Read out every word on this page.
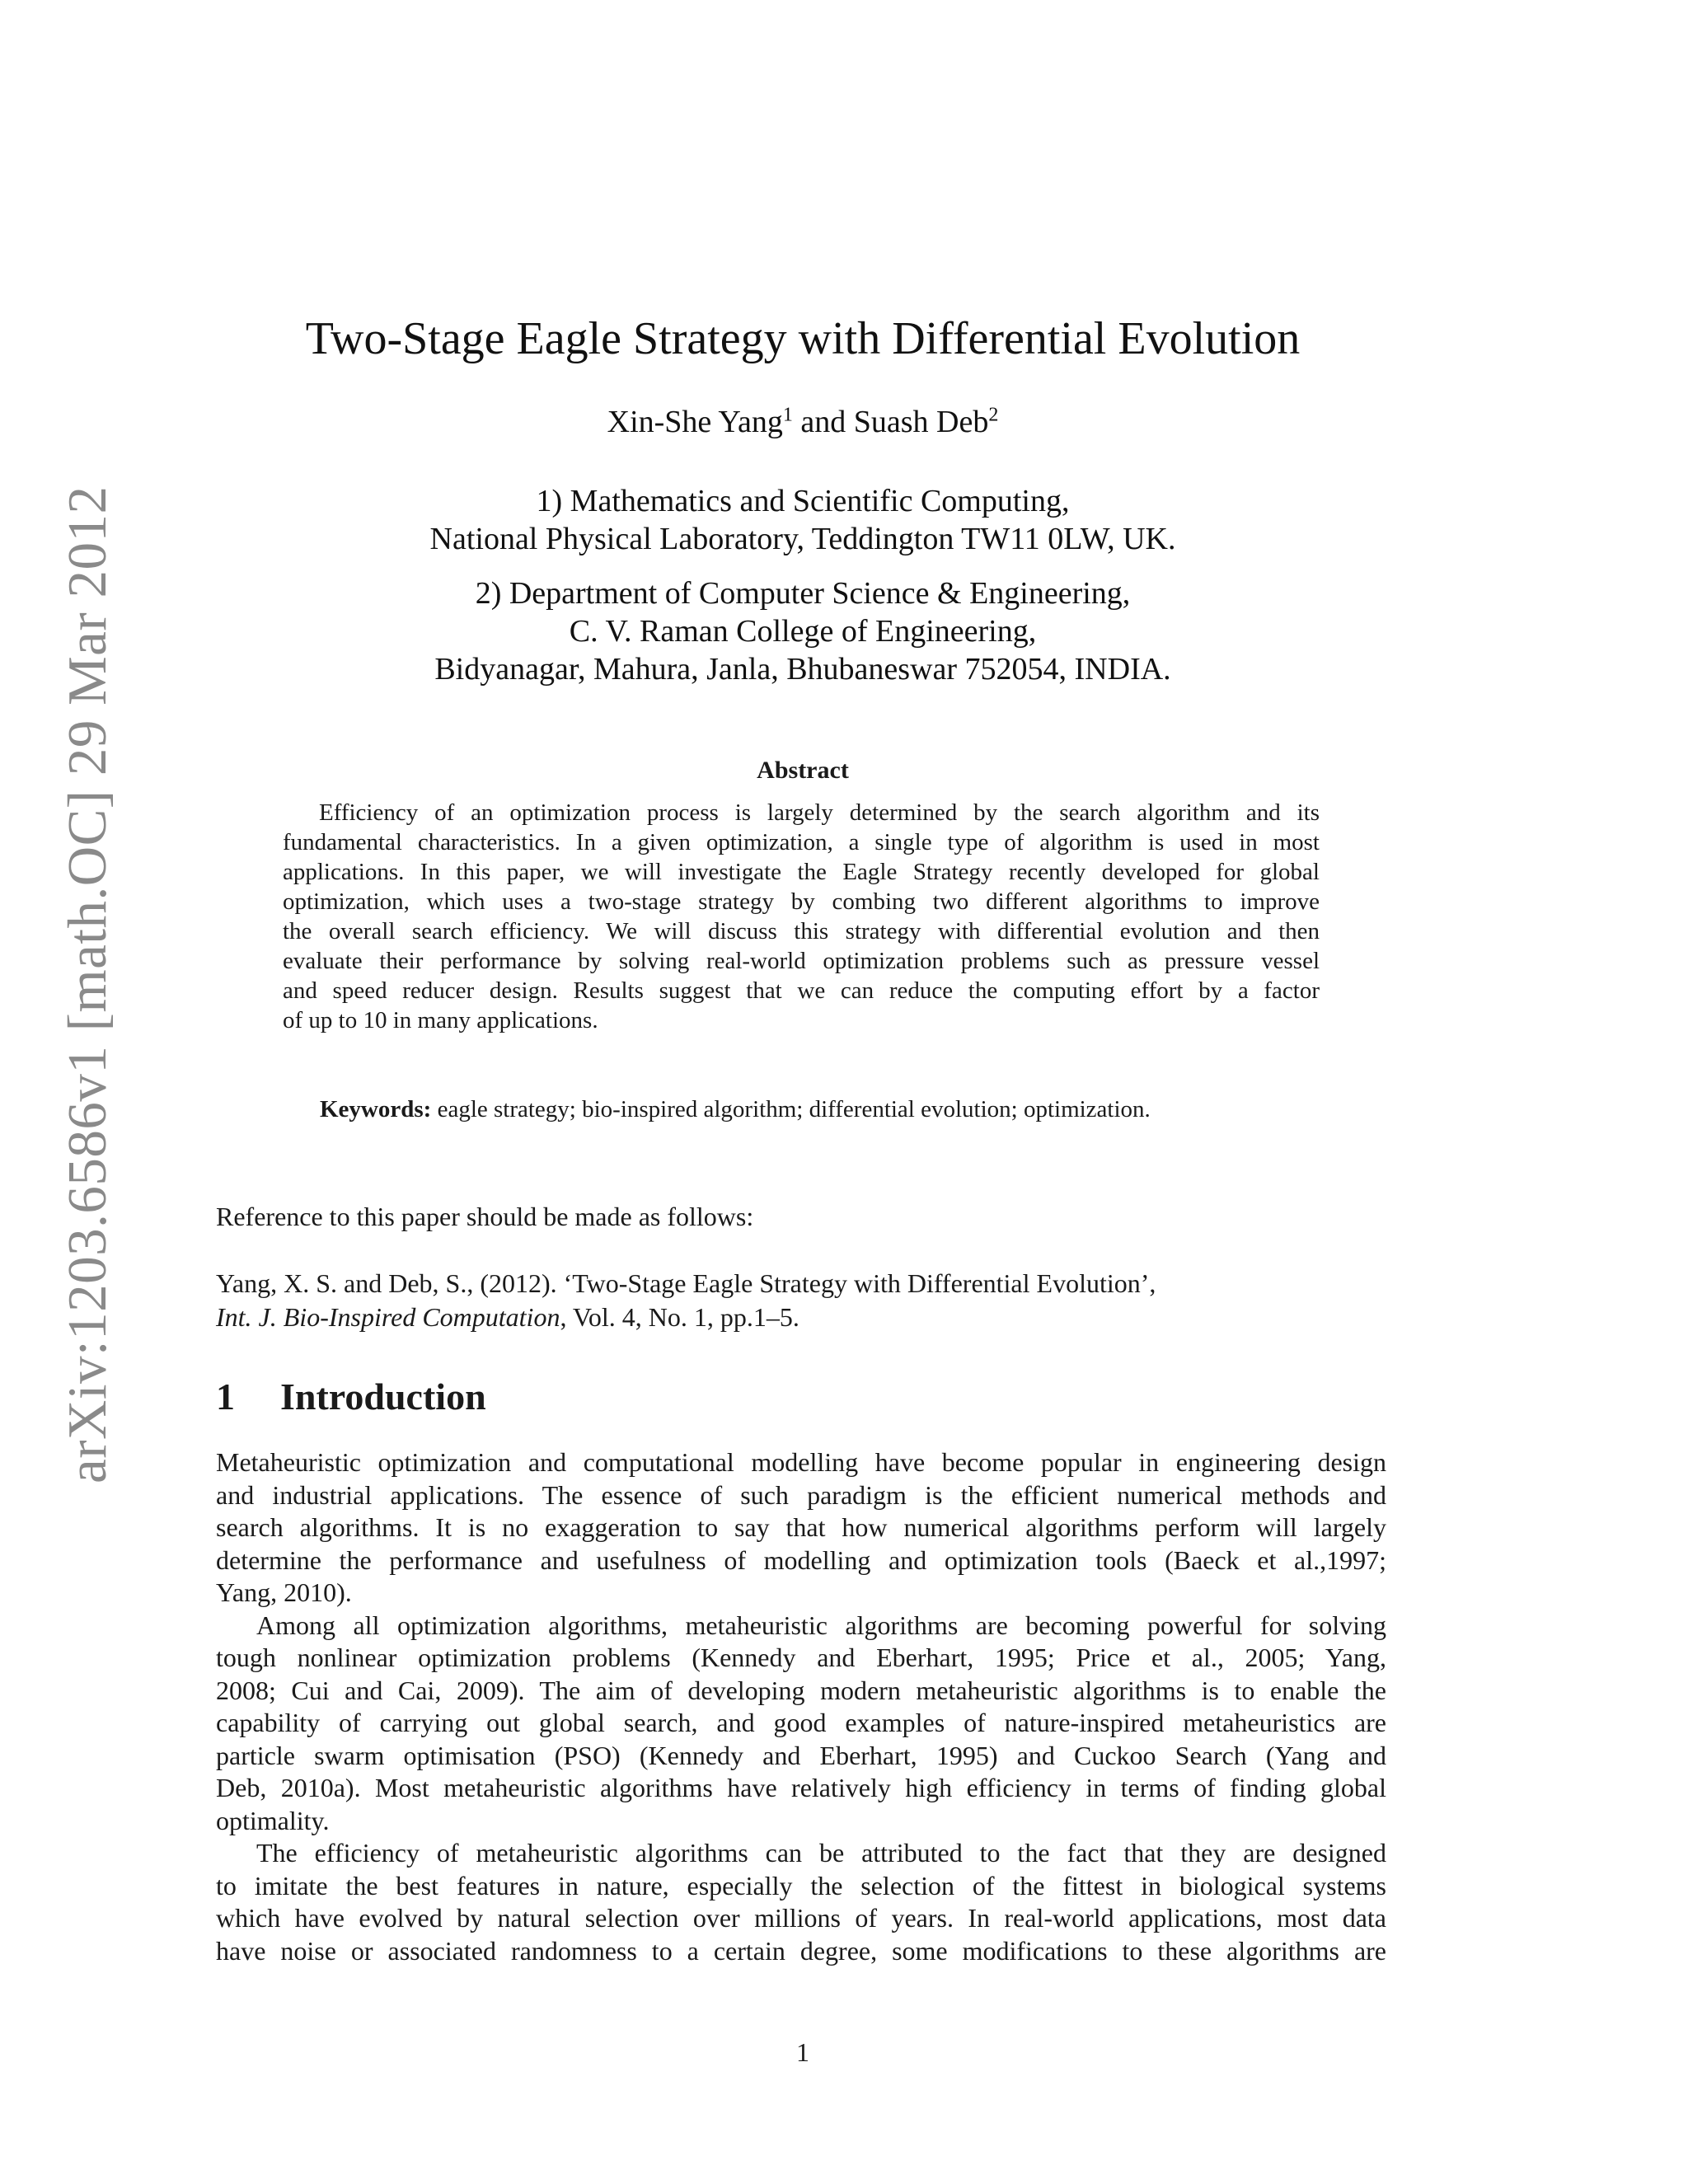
arXiv:1203.6586v1 [math.OC] 29 Mar 2012
Two-Stage Eagle Strategy with Differential Evolution
Xin-She Yang$^1$ and Suash Deb$^2$
1) Mathematics and Scientific Computing,
National Physical Laboratory, Teddington TW11 0LW, UK.
2) Department of Computer Science & Engineering,
C. V. Raman College of Engineering,
Bidyanagar, Mahura, Janla, Bhubaneswar 752054, INDIA.
Abstract
Efficiency of an optimization process is largely determined by the search algorithm and its
fundamental characteristics. In a given optimization, a single type of algorithm is used in most
applications. In this paper, we will investigate the Eagle Strategy recently developed for global
optimization, which uses a two-stage strategy by combing two different algorithms to improve
the overall search efficiency. We will discuss this strategy with differential evolution and then
evaluate their performance by solving real-world optimization problems such as pressure vessel
and speed reducer design. Results suggest that we can reduce the computing effort by a factor
of up to 10 in many applications.
Keywords: eagle strategy; bio-inspired algorithm; differential evolution; optimization.
Reference to this paper should be made as follows:
Yang, X. S. and Deb, S., (2012). ‘Two-Stage Eagle Strategy with Differential Evolution’,
Int. J. Bio-Inspired Computation, Vol. 4, No. 1, pp.1–5.
1 Introduction
Metaheuristic optimization and computational modelling have become popular in engineering design
and industrial applications. The essence of such paradigm is the efficient numerical methods and
search algorithms. It is no exaggeration to say that how numerical algorithms perform will largely
determine the performance and usefulness of modelling and optimization tools (Baeck et al.,1997;
Yang, 2010).
Among all optimization algorithms, metaheuristic algorithms are becoming powerful for solving
tough nonlinear optimization problems (Kennedy and Eberhart, 1995; Price et al., 2005; Yang,
2008; Cui and Cai, 2009). The aim of developing modern metaheuristic algorithms is to enable the
capability of carrying out global search, and good examples of nature-inspired metaheuristics are
particle swarm optimisation (PSO) (Kennedy and Eberhart, 1995) and Cuckoo Search (Yang and
Deb, 2010a). Most metaheuristic algorithms have relatively high efficiency in terms of finding global
optimality.
The efficiency of metaheuristic algorithms can be attributed to the fact that they are designed
to imitate the best features in nature, especially the selection of the fittest in biological systems
which have evolved by natural selection over millions of years. In real-world applications, most data
have noise or associated randomness to a certain degree, some modifications to these algorithms are
1
